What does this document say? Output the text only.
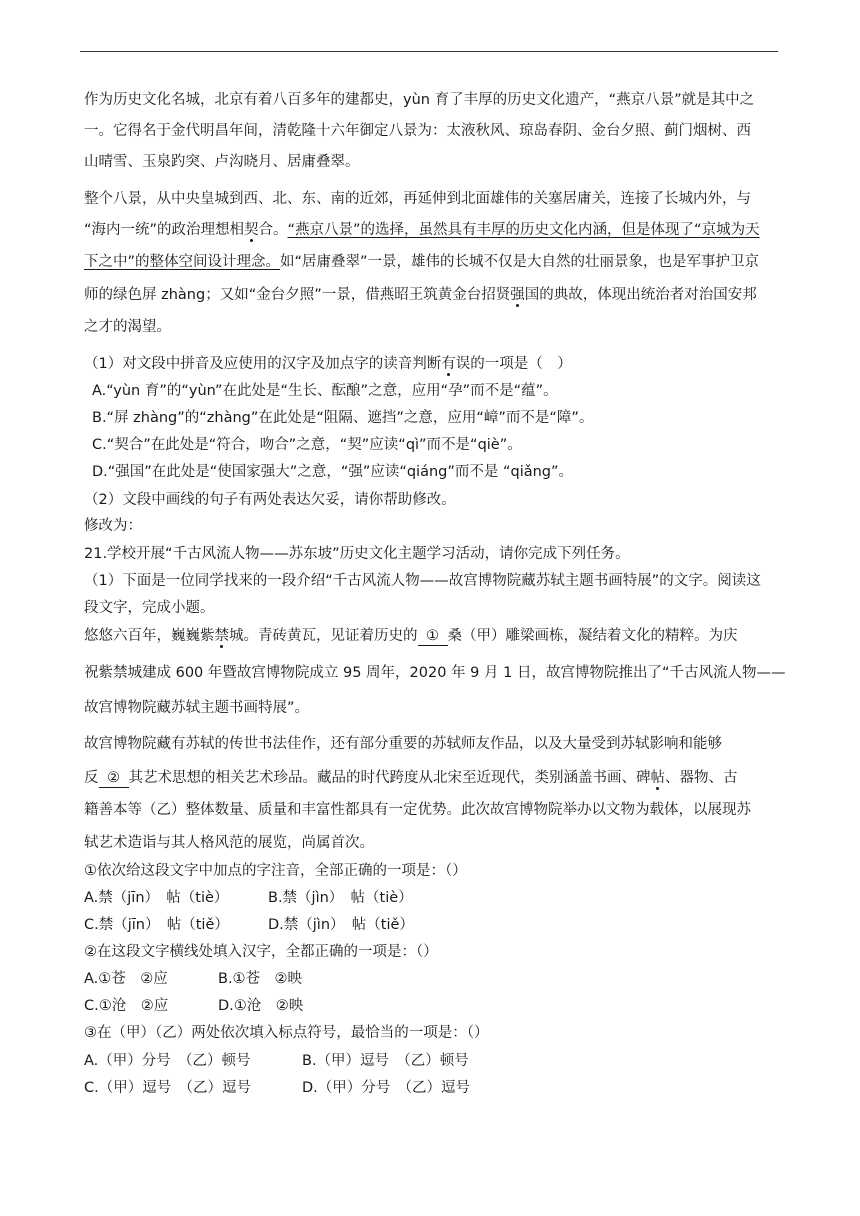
作为历史文化名城，北京有着八百多年的建都史，yùn 育了丰厚的历史文化遗产，“燕京八景”就是其中之

一。它得名于金代明昌年间，清乾隆十六年御定八景为：太液秋风、琼岛春阴、金台夕照、蓟门烟树、西

山晴雪、玉泉趵突、卢沟晓月、居庸叠翠。

整个八景，从中央皇城到西、北、东、南的近郊，再延伸到北面雄伟的关塞居庸关，连接了长城内外，与

“海内一统”的政治理想相契合。“燕京八景”的选择，虽然具有丰厚的历史文化内涵，但是体现了“京城为天

下之中”的整体空间设计理念。如“居庸叠翠”一景，雄伟的长城不仅是大自然的壮丽景象，也是军事护卫京

师的绿色屏 zhàng；又如“金台夕照”一景，借燕昭王筑黄金台招贤强国的典故，体现出统治者对治国安邦

之才的渴望。

（1）对文段中拼音及应使用的汉字及加点字的读音判断有误的一项是（　）

A.“yùn 育”的“yùn”在此处是“生长、酝酿”之意，应用“孕”而不是“蕴”。

B.“屏 zhàng”的“zhàng”在此处是“阻隔、遮挡”之意，应用“嶂”而不是“障”。

C.“契合”在此处是“符合，吻合”之意，“契”应读“qì”而不是“qiè”。

D.“强国”在此处是“使国家强大”之意，“强”应读“qiáng”而不是 “qiǎng”。

（2）文段中画线的句子有两处表达欠妥，请你帮助修改。

修改为：

21.学校开展“千古风流人物——苏东坡”历史文化主题学习活动，请你完成下列任务。

（1）下面是一位同学找来的一段介绍“千古风流人物——故宫博物院藏苏轼主题书画特展”的文字。阅读这

段文字，完成小题。

悠悠六百年，巍巍紫禁城。青砖黄瓦，见证着历史的 ① 桑（甲）雕梁画栋，凝结着文化的精粹。为庆

祝紫禁城建成 600 年暨故宫博物院成立 95 周年，2020 年 9 月 1 日，故宫博物院推出了“千古风流人物——

故宫博物院藏苏轼主题书画特展”。

故宫博物院藏有苏轼的传世书法佳作，还有部分重要的苏轼师友作品，以及大量受到苏轼影响和能够

反 ② 其艺术思想的相关艺术珍品。藏品的时代跨度从北宋至近现代，类别涵盖书画、碑帖、器物、古

籍善本等（乙）整体数量、质量和丰富性都具有一定优势。此次故宫博物院举办以文物为载体，以展现苏

轼艺术造诣与其人格风范的展览，尚属首次。

①依次给这段文字中加点的字注音，全部正确的一项是：（）

A.禁（jīn）　帖（tiè）	B.禁（jìn）　帖（tiè）
C.禁（jīn）　帖（tiě）	D.禁（jìn）　帖（tiě）

②在这段文字横线处填入汉字，全都正确的一项是：（）

A.①苍　②应	B.①苍　②映
C.①沧　②应	D.①沧　②映

③在（甲）（乙）两处依次填入标点符号，最恰当的一项是：（）

A.（甲）分号　（乙）顿号	B.（甲）逗号　（乙）顿号
C.（甲）逗号　（乙）逗号	D.（甲）分号　（乙）逗号
